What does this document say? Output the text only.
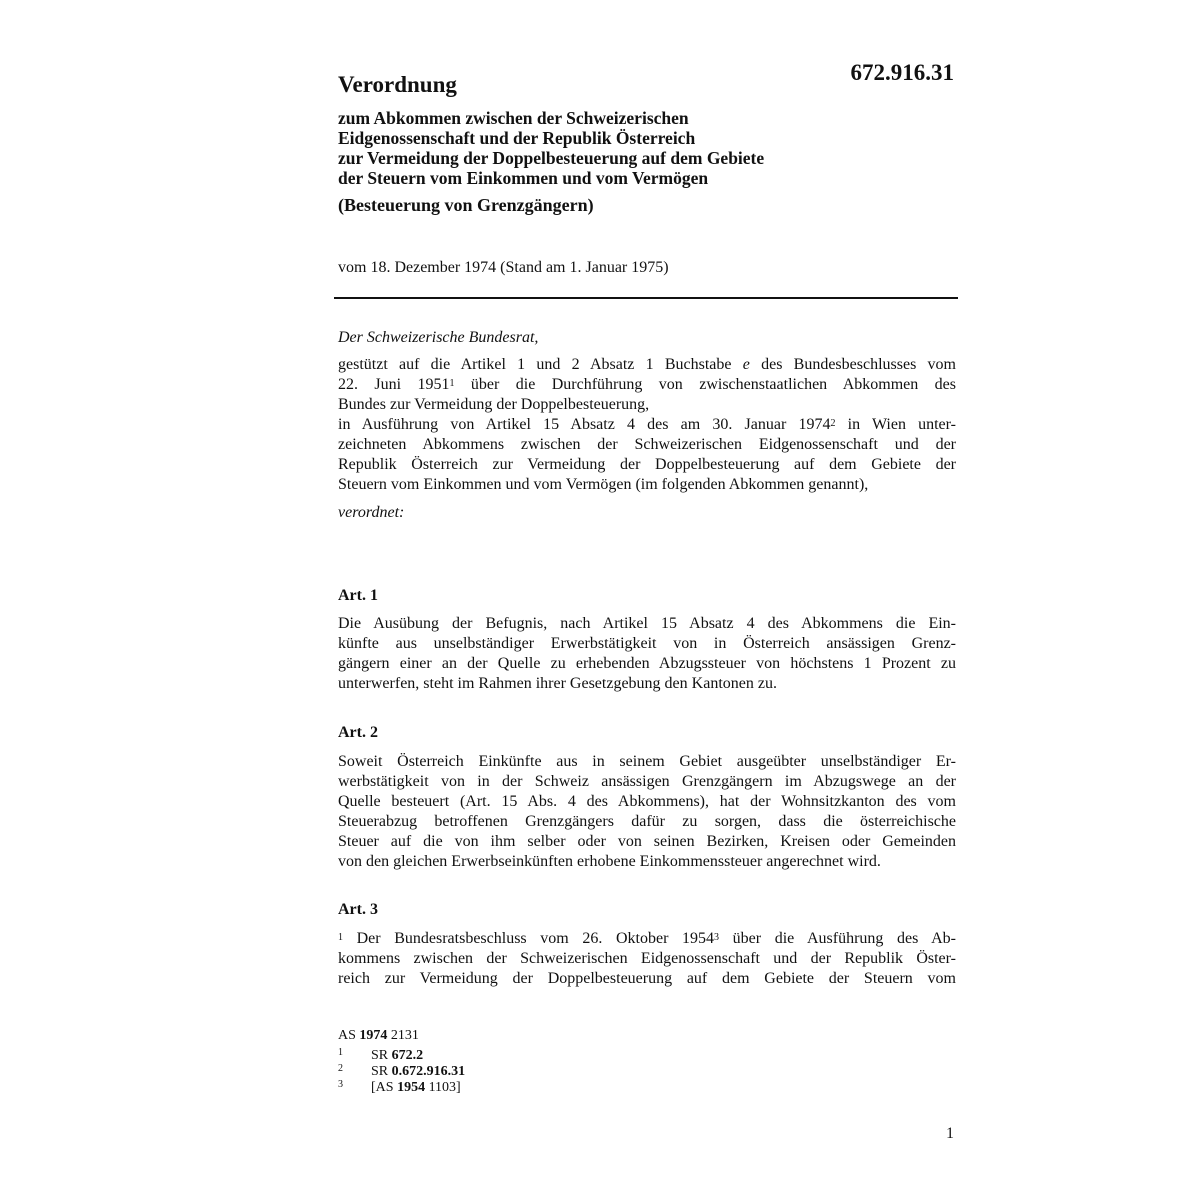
672.916.31
Verordnung
zum Abkommen zwischen der Schweizerischen
Eidgenossenschaft und der Republik Österreich
zur Vermeidung der Doppelbesteuerung auf dem Gebiete
der Steuern vom Einkommen und vom Vermögen
(Besteuerung von Grenzgängern)
vom 18. Dezember 1974 (Stand am 1. Januar 1975)
Der Schweizerische Bundesrat,
gestützt auf die Artikel 1 und 2 Absatz 1 Buchstabe e des Bundesbeschlusses vom
22. Juni 1951$^1$ über die Durchführung von zwischenstaatlichen Abkommen des
Bundes zur Vermeidung der Doppelbesteuerung,
in Ausführung von Artikel 15 Absatz 4 des am 30. Januar 1974$^2$ in Wien unter-
zeichneten Abkommens zwischen der Schweizerischen Eidgenossenschaft und der
Republik Österreich zur Vermeidung der Doppelbesteuerung auf dem Gebiete der
Steuern vom Einkommen und vom Vermögen (im folgenden Abkommen genannt),
verordnet:
Art. 1
Die Ausübung der Befugnis, nach Artikel 15 Absatz 4 des Abkommens die Ein-
künfte aus unselbständiger Erwerbstätigkeit von in Österreich ansässigen Grenz-
gängern einer an der Quelle zu erhebenden Abzugssteuer von höchstens 1 Prozent zu
unterwerfen, steht im Rahmen ihrer Gesetzgebung den Kantonen zu.
Art. 2
Soweit Österreich Einkünfte aus in seinem Gebiet ausgeübter unselbständiger Er-
werbstätigkeit von in der Schweiz ansässigen Grenzgängern im Abzugswege an der
Quelle besteuert (Art. 15 Abs. 4 des Abkommens), hat der Wohnsitzkanton des vom
Steuerabzug betroffenen Grenzgängers dafür zu sorgen, dass die österreichische
Steuer auf die von ihm selber oder von seinen Bezirken, Kreisen oder Gemeinden
von den gleichen Erwerbseinkünften erhobene Einkommenssteuer angerechnet wird.
Art. 3
$^1$ Der Bundesratsbeschluss vom 26. Oktober 1954$^3$ über die Ausführung des Ab-
kommens zwischen der Schweizerischen Eidgenossenschaft und der Republik Öster-
reich zur Vermeidung der Doppelbesteuerung auf dem Gebiete der Steuern vom
AS 1974 2131
1 SR 672.2
2 SR 0.672.916.31
3 [AS 1954 1103]
1
